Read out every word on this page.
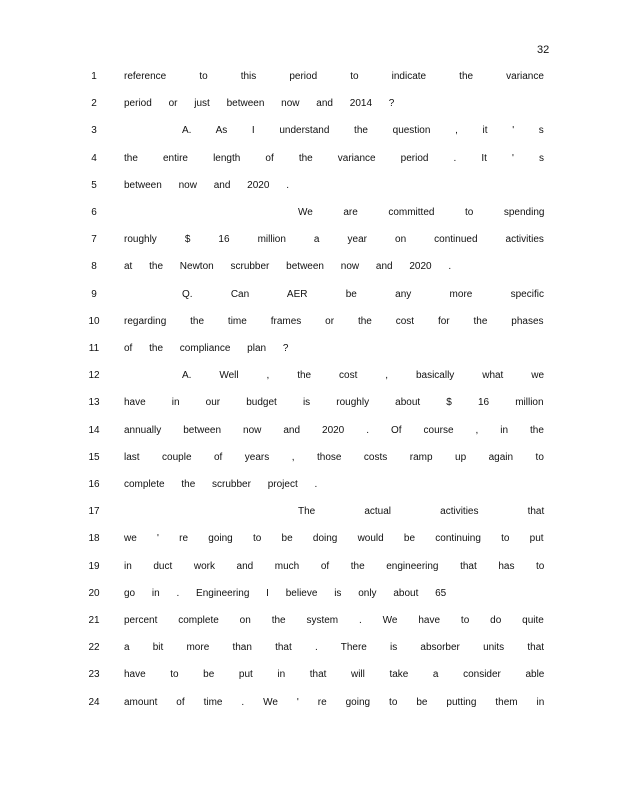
32
1	reference to this period to indicate the variance
2	period or just between now and 2014 ?
3	A. As I understand the question , it ' s
4	the entire length of the variance period . It ' s
5	between now and 2020 .
6	We are committed to spending
7	roughly $ 16 million a year on continued activities
8	at the Newton scrubber between now and 2020 .
9	Q. Can AER be any more specific
10	regarding the time frames or the cost for the phases
11	of the compliance plan ?
12	A. Well , the cost , basically what we
13	have in our budget is roughly about $ 16 million
14	annually between now and 2020 . Of course , in the
15	last couple of years , those costs ramp up again to
16	complete the scrubber project .
17	The actual activities that
18	we ' re going to be doing would be continuing to put
19	in duct work and much of the engineering that has to
20	go in . Engineering I believe is only about 65
21	percent complete on the system . We have to do quite
22	a bit more than that . There is absorber units that
23	have to be put in that will take a consider able
24	amount of time . We ' re going to be putting them in
